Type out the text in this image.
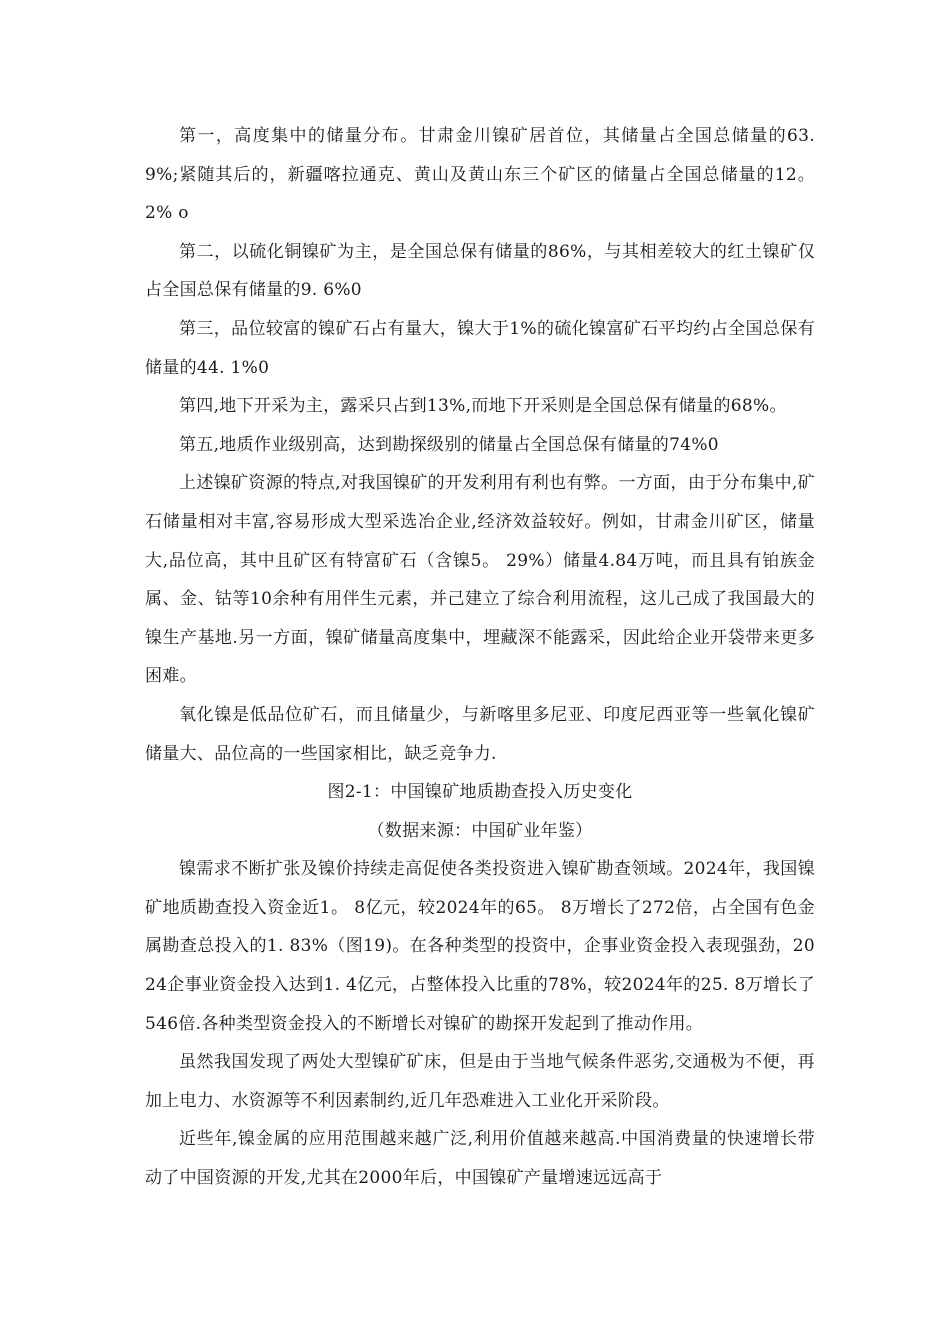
第一，高度集中的储量分布。甘肃金川镍矿居首位，其储量占全国总储量的63. 9%;紧随其后的，新疆喀拉通克、黄山及黄山东三个矿区的储量占全国总储量的12。 2% o

第二，以硫化铜镍矿为主，是全国总保有储量的86%，与其相差较大的红土镍矿仅占全国总保有储量的9. 6%0

第三，品位较富的镍矿石占有量大，镍大于1%的硫化镍富矿石平均约占全国总保有储量的44. 1%0

第四,地下开采为主，露采只占到13%,而地下开采则是全国总保有储量的68%。

第五,地质作业级别高，达到勘探级别的储量占全国总保有储量的74%0

上述镍矿资源的特点,对我国镍矿的开发利用有利也有弊。一方面，由于分布集中,矿石储量相对丰富,容易形成大型采选冶企业,经济效益较好。例如，甘肃金川矿区，储量大,品位高，其中且矿区有特富矿石（含镍5。 29%）储量4.84万吨，而且具有铂族金属、金、钴等10余种有用伴生元素，并己建立了综合利用流程，这儿己成了我国最大的镍生产基地.另一方面，镍矿储量高度集中，埋藏深不能露采，因此给企业开袋带来更多困难。

氧化镍是低品位矿石，而且储量少，与新喀里多尼亚、印度尼西亚等一些氧化镍矿储量大、品位高的一些国家相比，缺乏竞争力.

图2-1：中国镍矿地质勘查投入历史变化

（数据来源：中国矿业年鉴）

镍需求不断扩张及镍价持续走高促使各类投资进入镍矿勘查领域。2024年，我国镍矿地质勘查投入资金近1。 8亿元，较2024年的65。 8万增长了272倍，占全国有色金属勘查总投入的1. 83%（图19)。在各种类型的投资中，企事业资金投入表现强劲，2024企事业资金投入达到1. 4亿元，占整体投入比重的78%，较2024年的25. 8万增长了546倍.各种类型资金投入的不断增长对镍矿的勘探开发起到了推动作用。

虽然我国发现了两处大型镍矿矿床，但是由于当地气候条件恶劣,交通极为不便，再加上电力、水资源等不利因素制约,近几年恐难进入工业化开采阶段。

近些年,镍金属的应用范围越来越广泛,利用价值越来越高.中国消费量的快速增长带动了中国资源的开发,尤其在2000年后，中国镍矿产量增速远远高于
